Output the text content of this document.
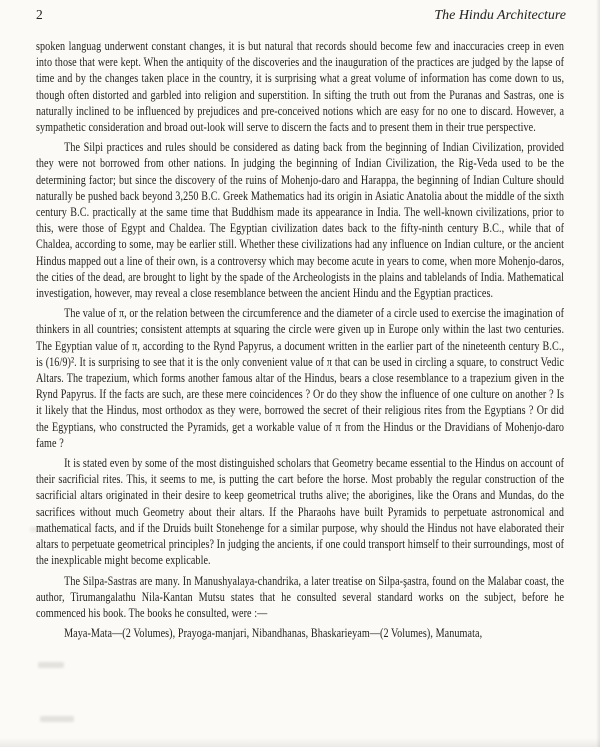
2	The Hindu Architecture

spoken languag underwent constant changes, it is but natural that records should become few and inaccuracies creep in even into those that were kept. When the antiquity of the discoveries and the inauguration of the practices are judged by the lapse of time and by the changes taken place in the country, it is surprising what a great volume of information has come down to us, though often distorted and garbled into religion and superstition. In sifting the truth out from the Puranas and Sastras, one is naturally inclined to be influenced by prejudices and pre-conceived notions which are easy for no one to discard. However, a sympathetic consideration and broad out-look will serve to discern the facts and to present them in their true perspective.

The Silpi practices and rules should be considered as dating back from the beginning of Indian Civilization, provided they were not borrowed from other nations. In judging the beginning of Indian Civilization, the Rig-Veda used to be the determining factor; but since the discovery of the ruins of Mohenjo-daro and Harappa, the beginning of Indian Culture should naturally be pushed back beyond 3,250 B.C. Greek Mathematics had its origin in Asiatic Anatolia about the middle of the sixth century B.C. practically at the same time that Buddhism made its appearance in India. The well-known civilizations, prior to this, were those of Egypt and Chaldea. The Egyptian civilization dates back to the fifty-ninth century B.C., while that of Chaldea, according to some, may be earlier still. Whether these civilizations had any influence on Indian culture, or the ancient Hindus mapped out a line of their own, is a controversy which may become acute in years to come, when more Mohenjo-daros, the cities of the dead, are brought to light by the spade of the Archeologists in the plains and tablelands of India. Mathematical investigation, however, may reveal a close resemblance between the ancient Hindu and the Egyptian practices.

The value of π, or the relation between the circumference and the diameter of a circle used to exercise the imagination of thinkers in all countries; consistent attempts at squaring the circle were given up in Europe only within the last two centuries. The Egyptian value of π, according to the Rynd Papyrus, a document written in the earlier part of the nineteenth century B.C., is (16/9)². It is surprising to see that it is the only convenient value of π that can be used in circling a square, to construct Vedic Altars. The trapezium, which forms another famous altar of the Hindus, bears a close resemblance to a trapezium given in the Rynd Papyrus. If the facts are such, are these mere coincidences ? Or do they show the influence of one culture on another ? Is it likely that the Hindus, most orthodox as they were, borrowed the secret of their religious rites from the Egyptians ? Or did the Egyptians, who constructed the Pyramids, get a workable value of π from the Hindus or the Dravidians of Mohenjo-daro fame ?

It is stated even by some of the most distinguished scholars that Geometry became essential to the Hindus on account of their sacrificial rites. This, it seems to me, is putting the cart before the horse. Most probably the regular construction of the sacrificial altars originated in their desire to keep geometrical truths alive; the aborigines, like the Orans and Mundas, do the sacrifices without much Geometry about their altars. If the Pharaohs have built Pyramids to perpetuate astronomical and mathematical facts, and if the Druids built Stonehenge for a similar purpose, why should the Hindus not have elaborated their altars to perpetuate geometrical principles? In judging the ancients, if one could transport himself to their surroundings, most of the inexplicable might become explicable.

The Silpa-Sastras are many. In Manushyalaya-chandrika, a later treatise on Silpa-şastra, found on the Malabar coast, the author, Tirumangalathu Nila-Kantan Mutsu states that he consulted several standard works on the subject, before he commenced his book. The books he consulted, were :—

Maya-Mata—(2 Volumes), Prayoga-manjari, Nibandhanas, Bhaskarieyam—(2 Volumes), Manumata,
